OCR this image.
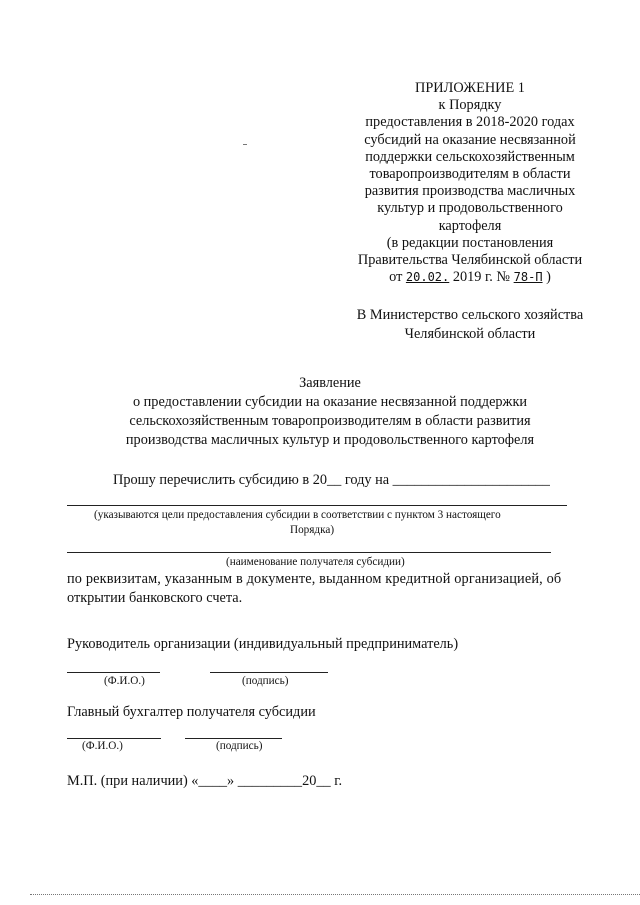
ПРИЛОЖЕНИЕ 1
к Порядку
предоставления в 2018-2020 годах
субсидий на оказание несвязанной
поддержки сельскохозяйственным
товаропроизводителям в области
развития производства масличных
культур и продовольственного
картофеля
(в редакции постановления
Правительства Челябинской области
от 20.02. 2019 г. № 78-П )
В Министерство сельского хозяйства
Челябинской области
Заявление
о предоставлении субсидии на оказание несвязанной поддержки
сельскохозяйственным товаропроизводителям в области развития
производства масличных культур и продовольственного картофеля
Прошу перечислить субсидию в 20__ году на ______________________
(указываются цели предоставления субсидии в соответствии с пунктом 3 настоящего
Порядка)
(наименование получателя субсидии)
по реквизитам, указанным в документе, выданном кредитной организацией, об
открытии банковского счета.
Руководитель организации (индивидуальный предприниматель)
(Ф.И.О.)	(подпись)
Главный бухгалтер получателя субсидии
(Ф.И.О.)	(подпись)
М.П. (при наличии) «____» _________20__ г.
